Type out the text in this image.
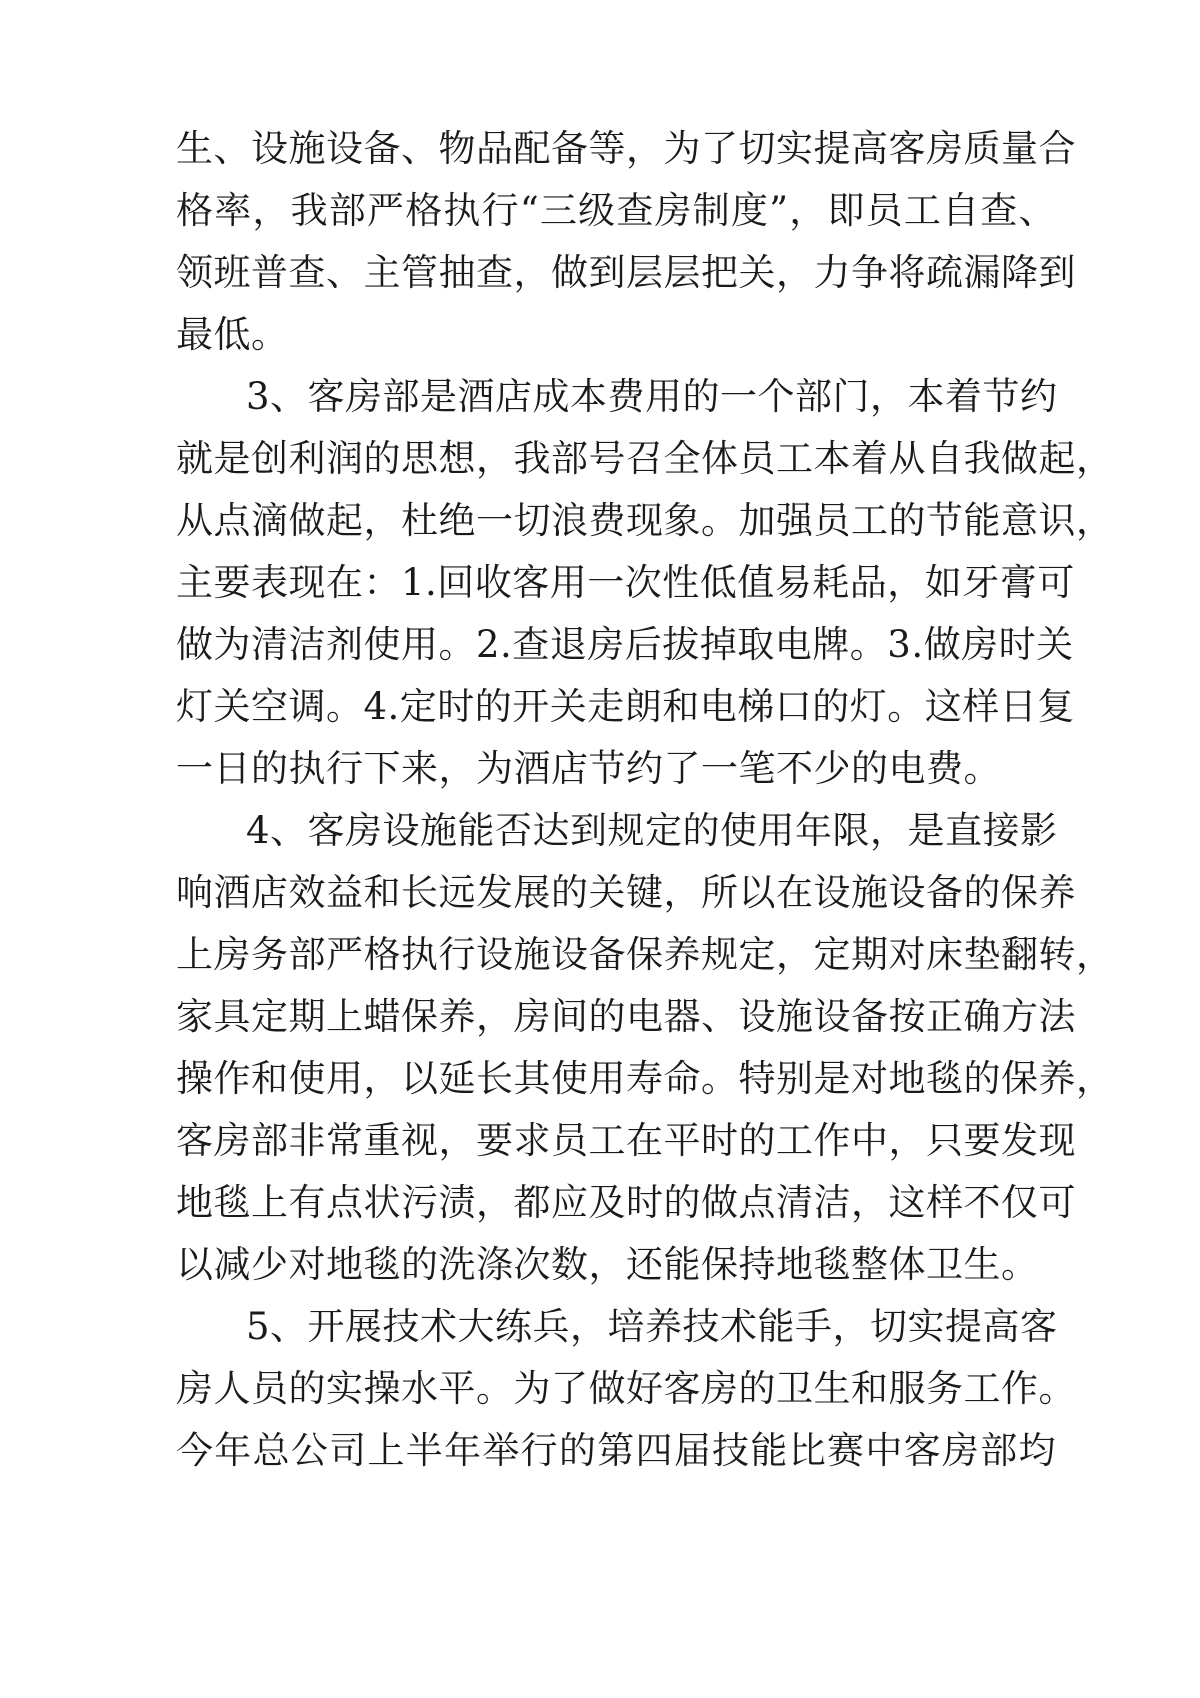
生、设施设备、物品配备等，为了切实提高客房质量合
格率，我部严格执行“三级查房制度”，即员工自查、
领班普查、主管抽查，做到层层把关，力争将疏漏降到
最低。
3、客房部是酒店成本费用的一个部门，本着节约
就是创利润的思想，我部号召全体员工本着从自我做起，
从点滴做起，杜绝一切浪费现象。加强员工的节能意识，
主要表现在：1.回收客用一次性低值易耗品，如牙膏可
做为清洁剂使用。2.查退房后拔掉取电牌。3.做房时关
灯关空调。4.定时的开关走朗和电梯口的灯。这样日复
一日的执行下来，为酒店节约了一笔不少的电费。
4、客房设施能否达到规定的使用年限，是直接影
响酒店效益和长远发展的关键，所以在设施设备的保养
上房务部严格执行设施设备保养规定，定期对床垫翻转，
家具定期上蜡保养，房间的电器、设施设备按正确方法
操作和使用，以延长其使用寿命。特别是对地毯的保养，
客房部非常重视，要求员工在平时的工作中，只要发现
地毯上有点状污渍，都应及时的做点清洁，这样不仅可
以减少对地毯的洗涤次数，还能保持地毯整体卫生。
5、开展技术大练兵，培养技术能手，切实提高客
房人员的实操水平。为了做好客房的卫生和服务工作。
今年总公司上半年举行的第四届技能比赛中客房部均
